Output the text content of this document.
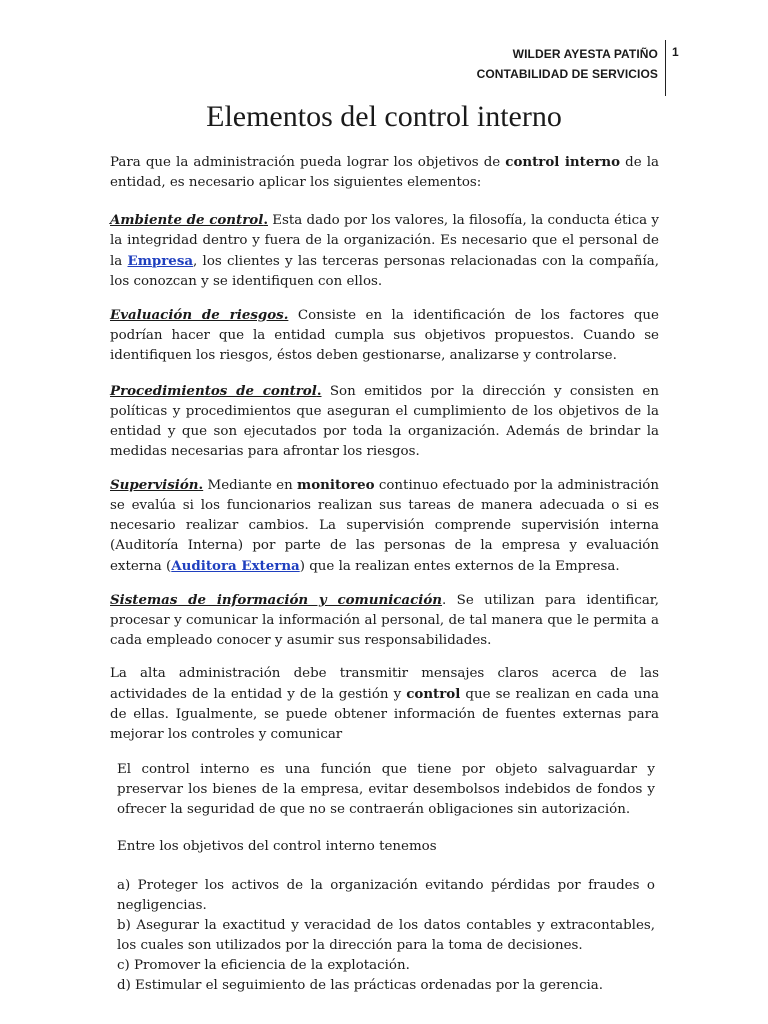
WILDER AYESTA PATIÑO
CONTABILIDAD DE SERVICIOS
1
Elementos del control interno

Para que la administración pueda lograr los objetivos de control interno de la entidad, es necesario aplicar los siguientes elementos:

Ambiente de control. Esta dado por los valores, la filosofía, la conducta ética y la integridad dentro y fuera de la organización. Es necesario que el personal de la Empresa, los clientes y las terceras personas relacionadas con la compañía, los conozcan y se identifiquen con ellos.

Evaluación de riesgos. Consiste en la identificación de los factores que podrían hacer que la entidad cumpla sus objetivos propuestos. Cuando se identifiquen los riesgos, éstos deben gestionarse, analizarse y controlarse.

Procedimientos de control. Son emitidos por la dirección y consisten en políticas y procedimientos que aseguran el cumplimiento de los objetivos de la entidad y que son ejecutados por toda la organización. Además de brindar la medidas necesarias para afrontar los riesgos.

Supervisión. Mediante en monitoreo continuo efectuado por la administración se evalúa si los funcionarios realizan sus tareas de manera adecuada o si es necesario realizar cambios. La supervisión comprende supervisión interna (Auditoría Interna) por parte de las personas de la empresa y evaluación externa (Auditora Externa) que la realizan entes externos de la Empresa.

Sistemas de información y comunicación. Se utilizan para identificar, procesar y comunicar la información al personal, de tal manera que le permita a cada empleado conocer y asumir sus responsabilidades.

La alta administración debe transmitir mensajes claros acerca de las actividades de la entidad y de la gestión y control que se realizan en cada una de ellas. Igualmente, se puede obtener información de fuentes externas para mejorar los controles y comunicar

El control interno es una función que tiene por objeto salvaguardar y preservar los bienes de la empresa, evitar desembolsos indebidos de fondos y ofrecer la seguridad de que no se contraerán obligaciones sin autorización.
Entre los objetivos del control interno tenemos
a) Proteger los activos de la organización evitando pérdidas por fraudes o negligencias.
b) Asegurar la exactitud y veracidad de los datos contables y extracontables, los cuales son utilizados por la dirección para la toma de decisiones.
c) Promover la eficiencia de la explotación.
d) Estimular el seguimiento de las prácticas ordenadas por la gerencia.
